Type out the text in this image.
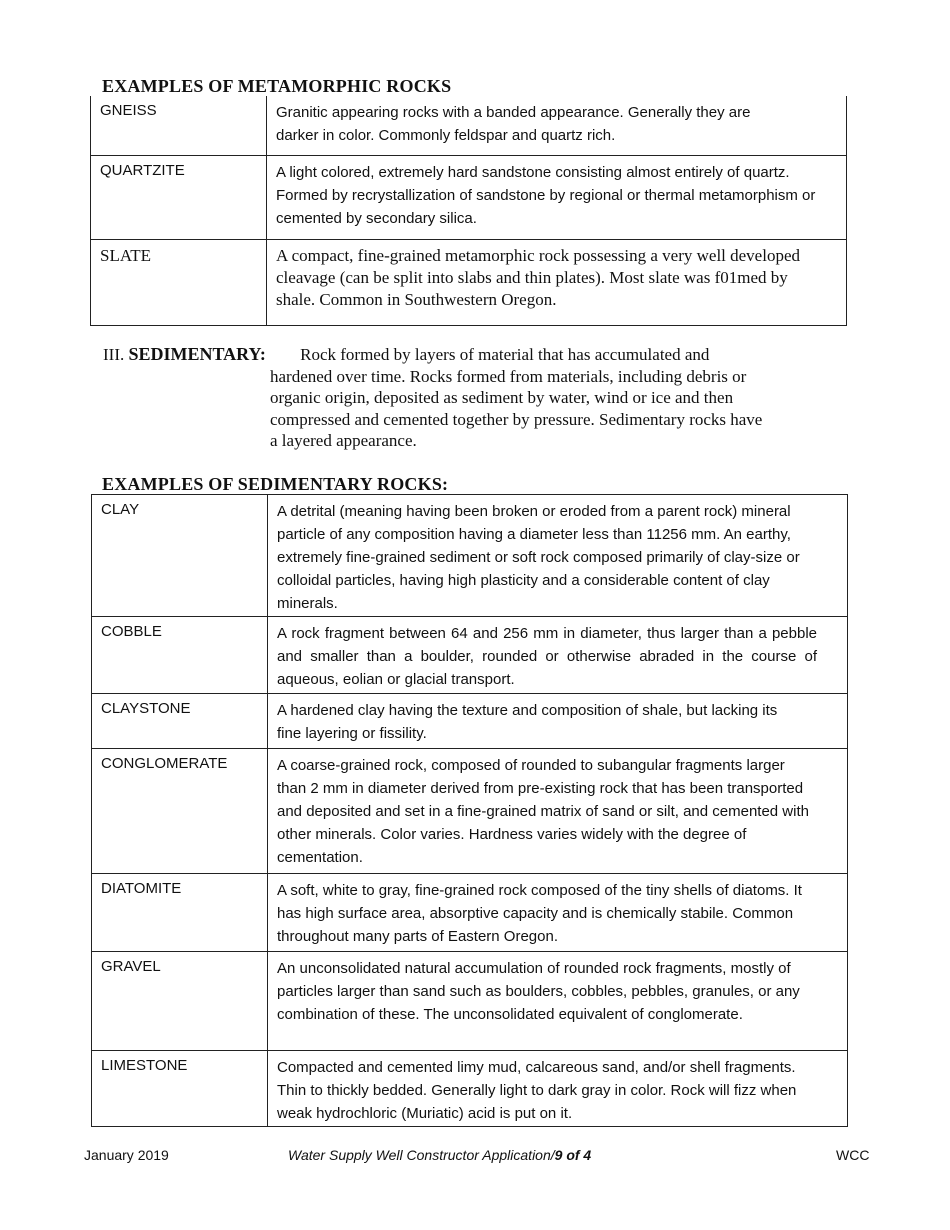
EXAMPLES OF METAMORPHIC ROCKS
GNEISS	Granitic appearing rocks with a banded appearance. Generally they are darker in color. Commonly feldspar and quartz rich.
QUARTZITE	A light colored, extremely hard sandstone consisting almost entirely of quartz. Formed by recrystallization of sandstone by regional or thermal metamorphism or cemented by secondary silica.
SLATE	A compact, fine-grained metamorphic rock possessing a very well developed cleavage (can be split into slabs and thin plates). Most slate was f01med by shale. Common in Southwestern Oregon.
III. SEDIMENTARY: Rock formed by layers of material that has accumulated and
hardened over time. Rocks formed from materials, including debris or
organic origin, deposited as sediment by water, wind or ice and then
compressed and cemented together by pressure. Sedimentary rocks have
a layered appearance.
EXAMPLES OF SEDIMENTARY ROCKS:
CLAY	A detrital (meaning having been broken or eroded from a parent rock) mineral particle of any composition having a diameter less than 11256 mm. An earthy, extremely fine-grained sediment or soft rock composed primarily of clay-size or colloidal particles, having high plasticity and a considerable content of clay minerals.
COBBLE	A rock fragment between 64 and 256 mm in diameter, thus larger than a pebble and smaller than a boulder, rounded or otherwise abraded in the course of aqueous, eolian or glacial transport.
CLAYSTONE	A hardened clay having the texture and composition of shale, but lacking its fine layering or fissility.
CONGLOMERATE	A coarse-grained rock, composed of rounded to subangular fragments larger than 2 mm in diameter derived from pre-existing rock that has been transported and deposited and set in a fine-grained matrix of sand or silt, and cemented with other minerals. Color varies. Hardness varies widely with the degree of cementation.
DIATOMITE	A soft, white to gray, fine-grained rock composed of the tiny shells of diatoms. It has high surface area, absorptive capacity and is chemically stabile. Common throughout many parts of Eastern Oregon.
GRAVEL	An unconsolidated natural accumulation of rounded rock fragments, mostly of particles larger than sand such as boulders, cobbles, pebbles, granules, or any combination of these. The unconsolidated equivalent of conglomerate.
LIMESTONE	Compacted and cemented limy mud, calcareous sand, and/or shell fragments. Thin to thickly bedded. Generally light to dark gray in color. Rock will fizz when weak hydrochloric (Muriatic) acid is put on it.
January 2019	Water Supply Well Constructor Application/9 of 4	WCC
